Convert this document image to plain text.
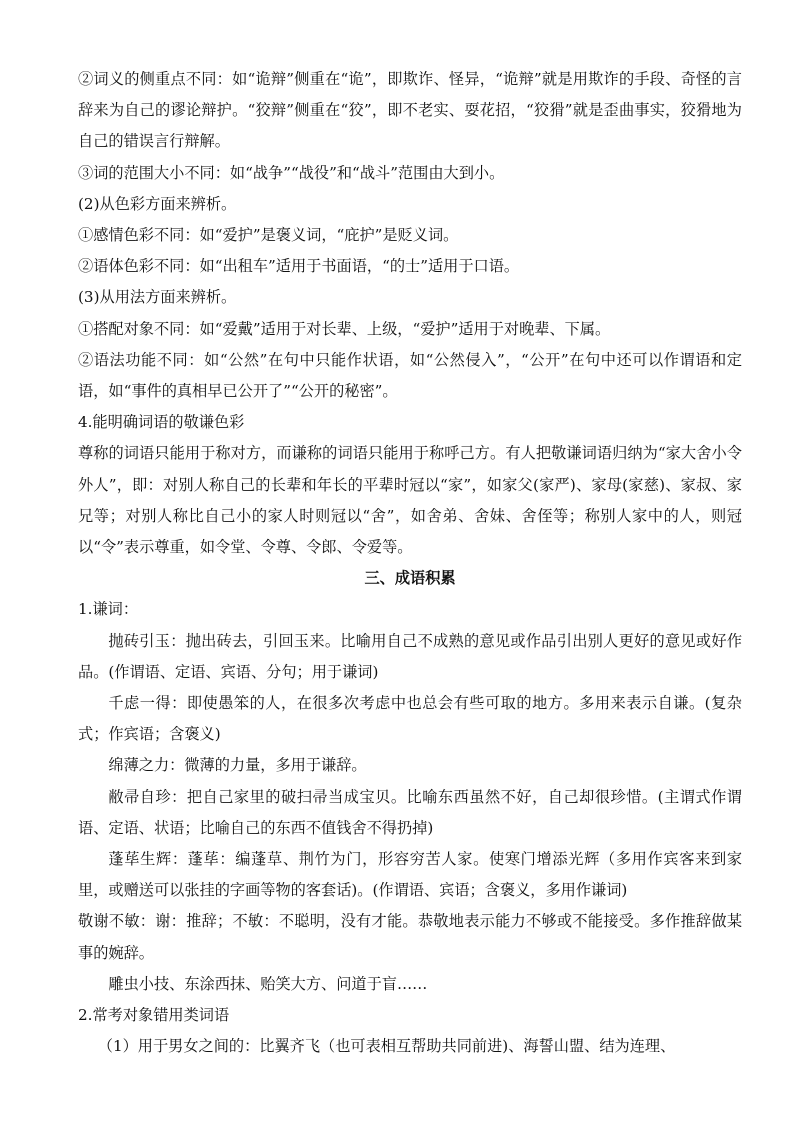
②词义的侧重点不同：如“诡辩”侧重在“诡”，即欺诈、怪异，“诡辩”就是用欺诈的手段、奇怪的言辞来为自己的谬论辩护。“狡辩”侧重在“狡”，即不老实、耍花招，“狡猾”就是歪曲事实，狡猾地为自己的错误言行辩解。

③词的范围大小不同：如“战争”“战役”和“战斗”范围由大到小。

(2)从色彩方面来辨析。

①感情色彩不同：如“爱护”是褒义词，“庇护”是贬义词。

②语体色彩不同：如“出租车”适用于书面语，“的士”适用于口语。

(3)从用法方面来辨析。

①搭配对象不同：如“爱戴”适用于对长辈、上级，“爱护”适用于对晚辈、下属。

②语法功能不同：如“公然”在句中只能作状语，如“公然侵入”，“公开”在句中还可以作谓语和定语，如“事件的真相早已公开了”“公开的秘密”。

4.能明确词语的敬谦色彩

尊称的词语只能用于称对方，而谦称的词语只能用于称呼己方。有人把敬谦词语归纳为“家大舍小令外人”，即：对别人称自己的长辈和年长的平辈时冠以“家”，如家父(家严)、家母(家慈)、家叔、家兄等；对别人称比自己小的家人时则冠以“舍”，如舍弟、舍妹、舍侄等；称别人家中的人，则冠以“令”表示尊重，如令堂、令尊、令郎、令爱等。

三、成语积累

1.谦词：

抛砖引玉：抛出砖去，引回玉来。比喻用自己不成熟的意见或作品引出别人更好的意见或好作品。(作谓语、定语、宾语、分句；用于谦词)

千虑一得：即使愚笨的人，在很多次考虑中也总会有些可取的地方。多用来表示自谦。(复杂式；作宾语；含褒义)

绵薄之力：微薄的力量，多用于谦辞。

敝帚自珍：把自己家里的破扫帚当成宝贝。比喻东西虽然不好，自己却很珍惜。(主谓式作谓语、定语、状语；比喻自己的东西不值钱舍不得扔掉)

蓬荜生辉：蓬荜：编蓬草、荆竹为门，形容穷苦人家。使寒门增添光辉（多用作宾客来到家里，或赠送可以张挂的字画等物的客套话)。(作谓语、宾语；含褒义，多用作谦词)

敬谢不敏：谢：推辞；不敏：不聪明，没有才能。恭敬地表示能力不够或不能接受。多作推辞做某事的婉辞。

雕虫小技、东涂西抹、贻笑大方、问道于盲……

2.常考对象错用类词语

（1）用于男女之间的：比翼齐飞（也可表相互帮助共同前进)、海誓山盟、结为连理、
